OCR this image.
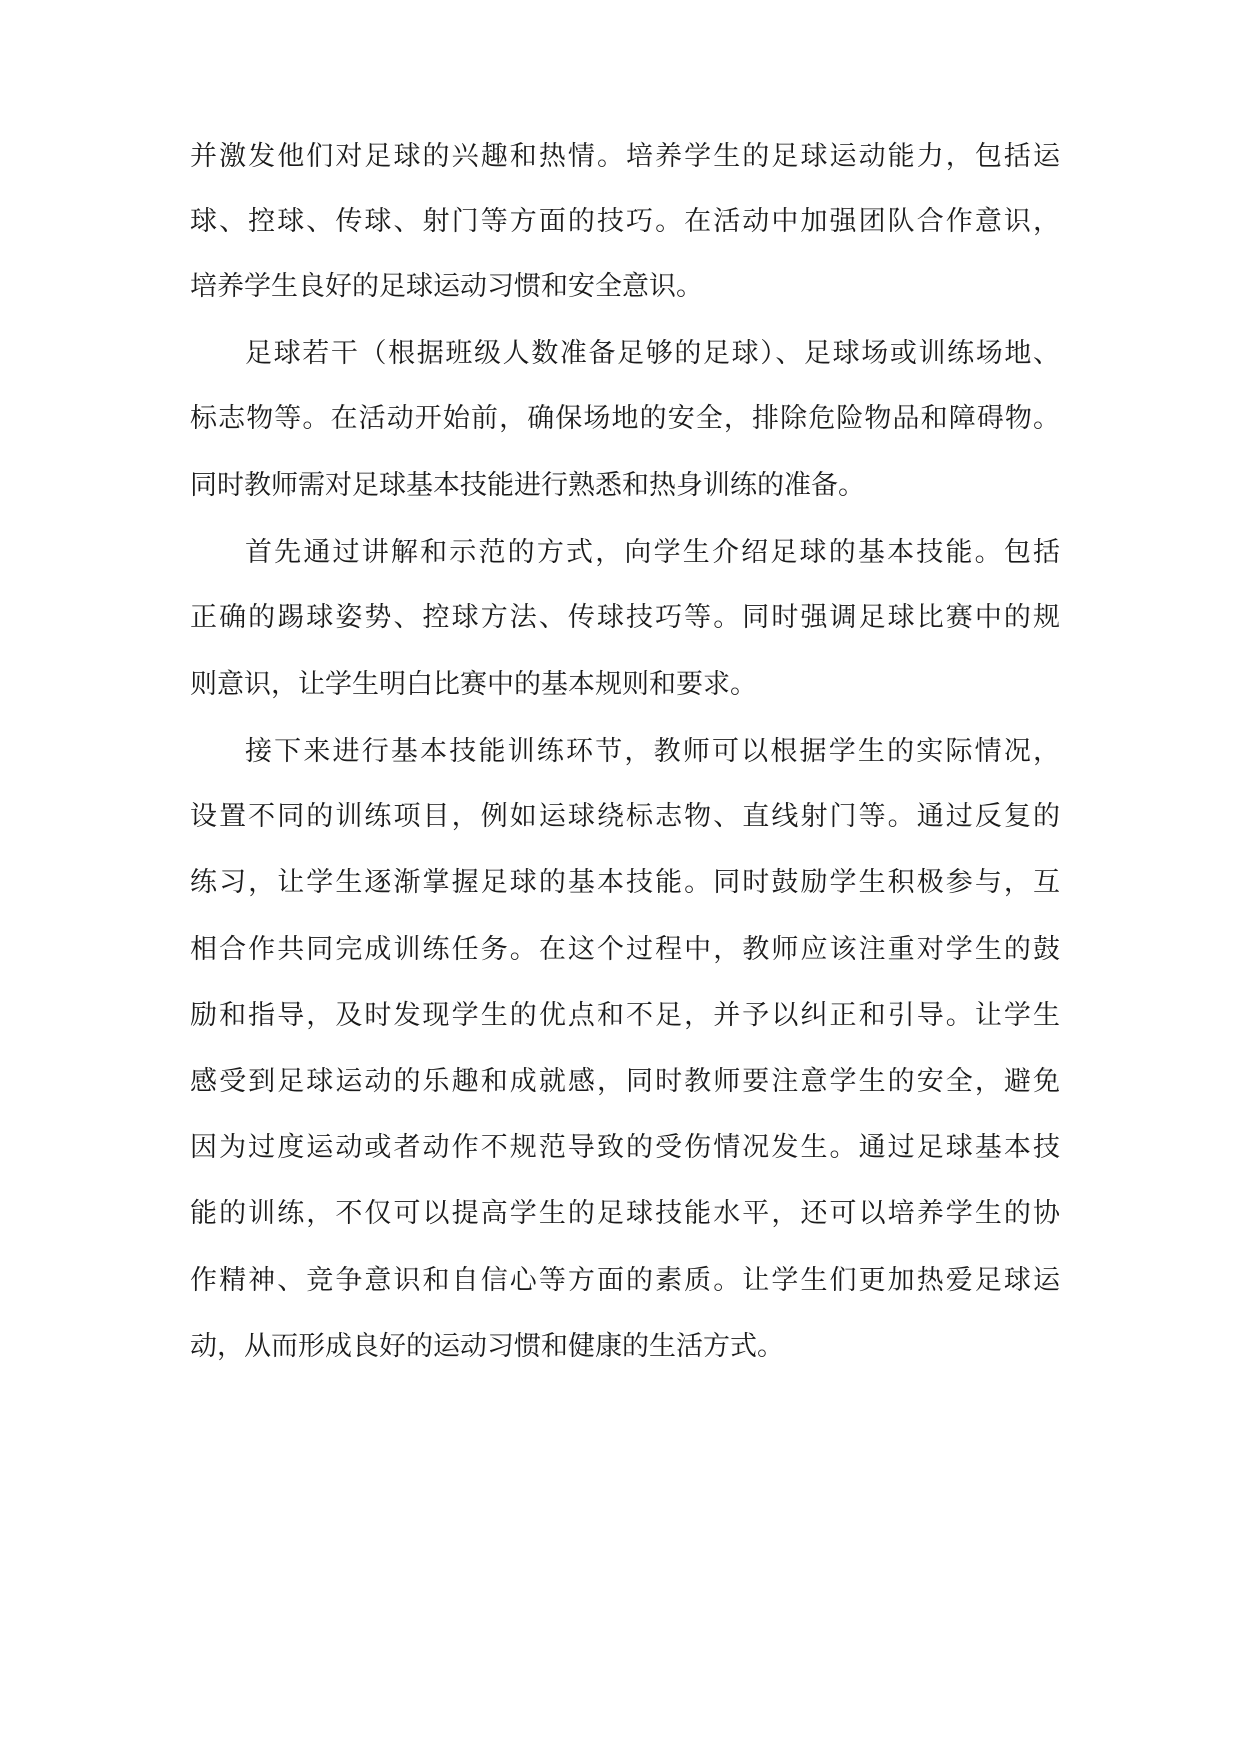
并激发他们对足球的兴趣和热情。培养学生的足球运动能力，包括运
球、控球、传球、射门等方面的技巧。在活动中加强团队合作意识，
培养学生良好的足球运动习惯和安全意识。
足球若干（根据班级人数准备足够的足球）、足球场或训练场地、
标志物等。在活动开始前，确保场地的安全，排除危险物品和障碍物。
同时教师需对足球基本技能进行熟悉和热身训练的准备。
首先通过讲解和示范的方式，向学生介绍足球的基本技能。包括
正确的踢球姿势、控球方法、传球技巧等。同时强调足球比赛中的规
则意识，让学生明白比赛中的基本规则和要求。
接下来进行基本技能训练环节，教师可以根据学生的实际情况，
设置不同的训练项目，例如运球绕标志物、直线射门等。通过反复的
练习，让学生逐渐掌握足球的基本技能。同时鼓励学生积极参与，互
相合作共同完成训练任务。在这个过程中，教师应该注重对学生的鼓
励和指导，及时发现学生的优点和不足，并予以纠正和引导。让学生
感受到足球运动的乐趣和成就感，同时教师要注意学生的安全，避免
因为过度运动或者动作不规范导致的受伤情况发生。通过足球基本技
能的训练，不仅可以提高学生的足球技能水平，还可以培养学生的协
作精神、竞争意识和自信心等方面的素质。让学生们更加热爱足球运
动，从而形成良好的运动习惯和健康的生活方式。
